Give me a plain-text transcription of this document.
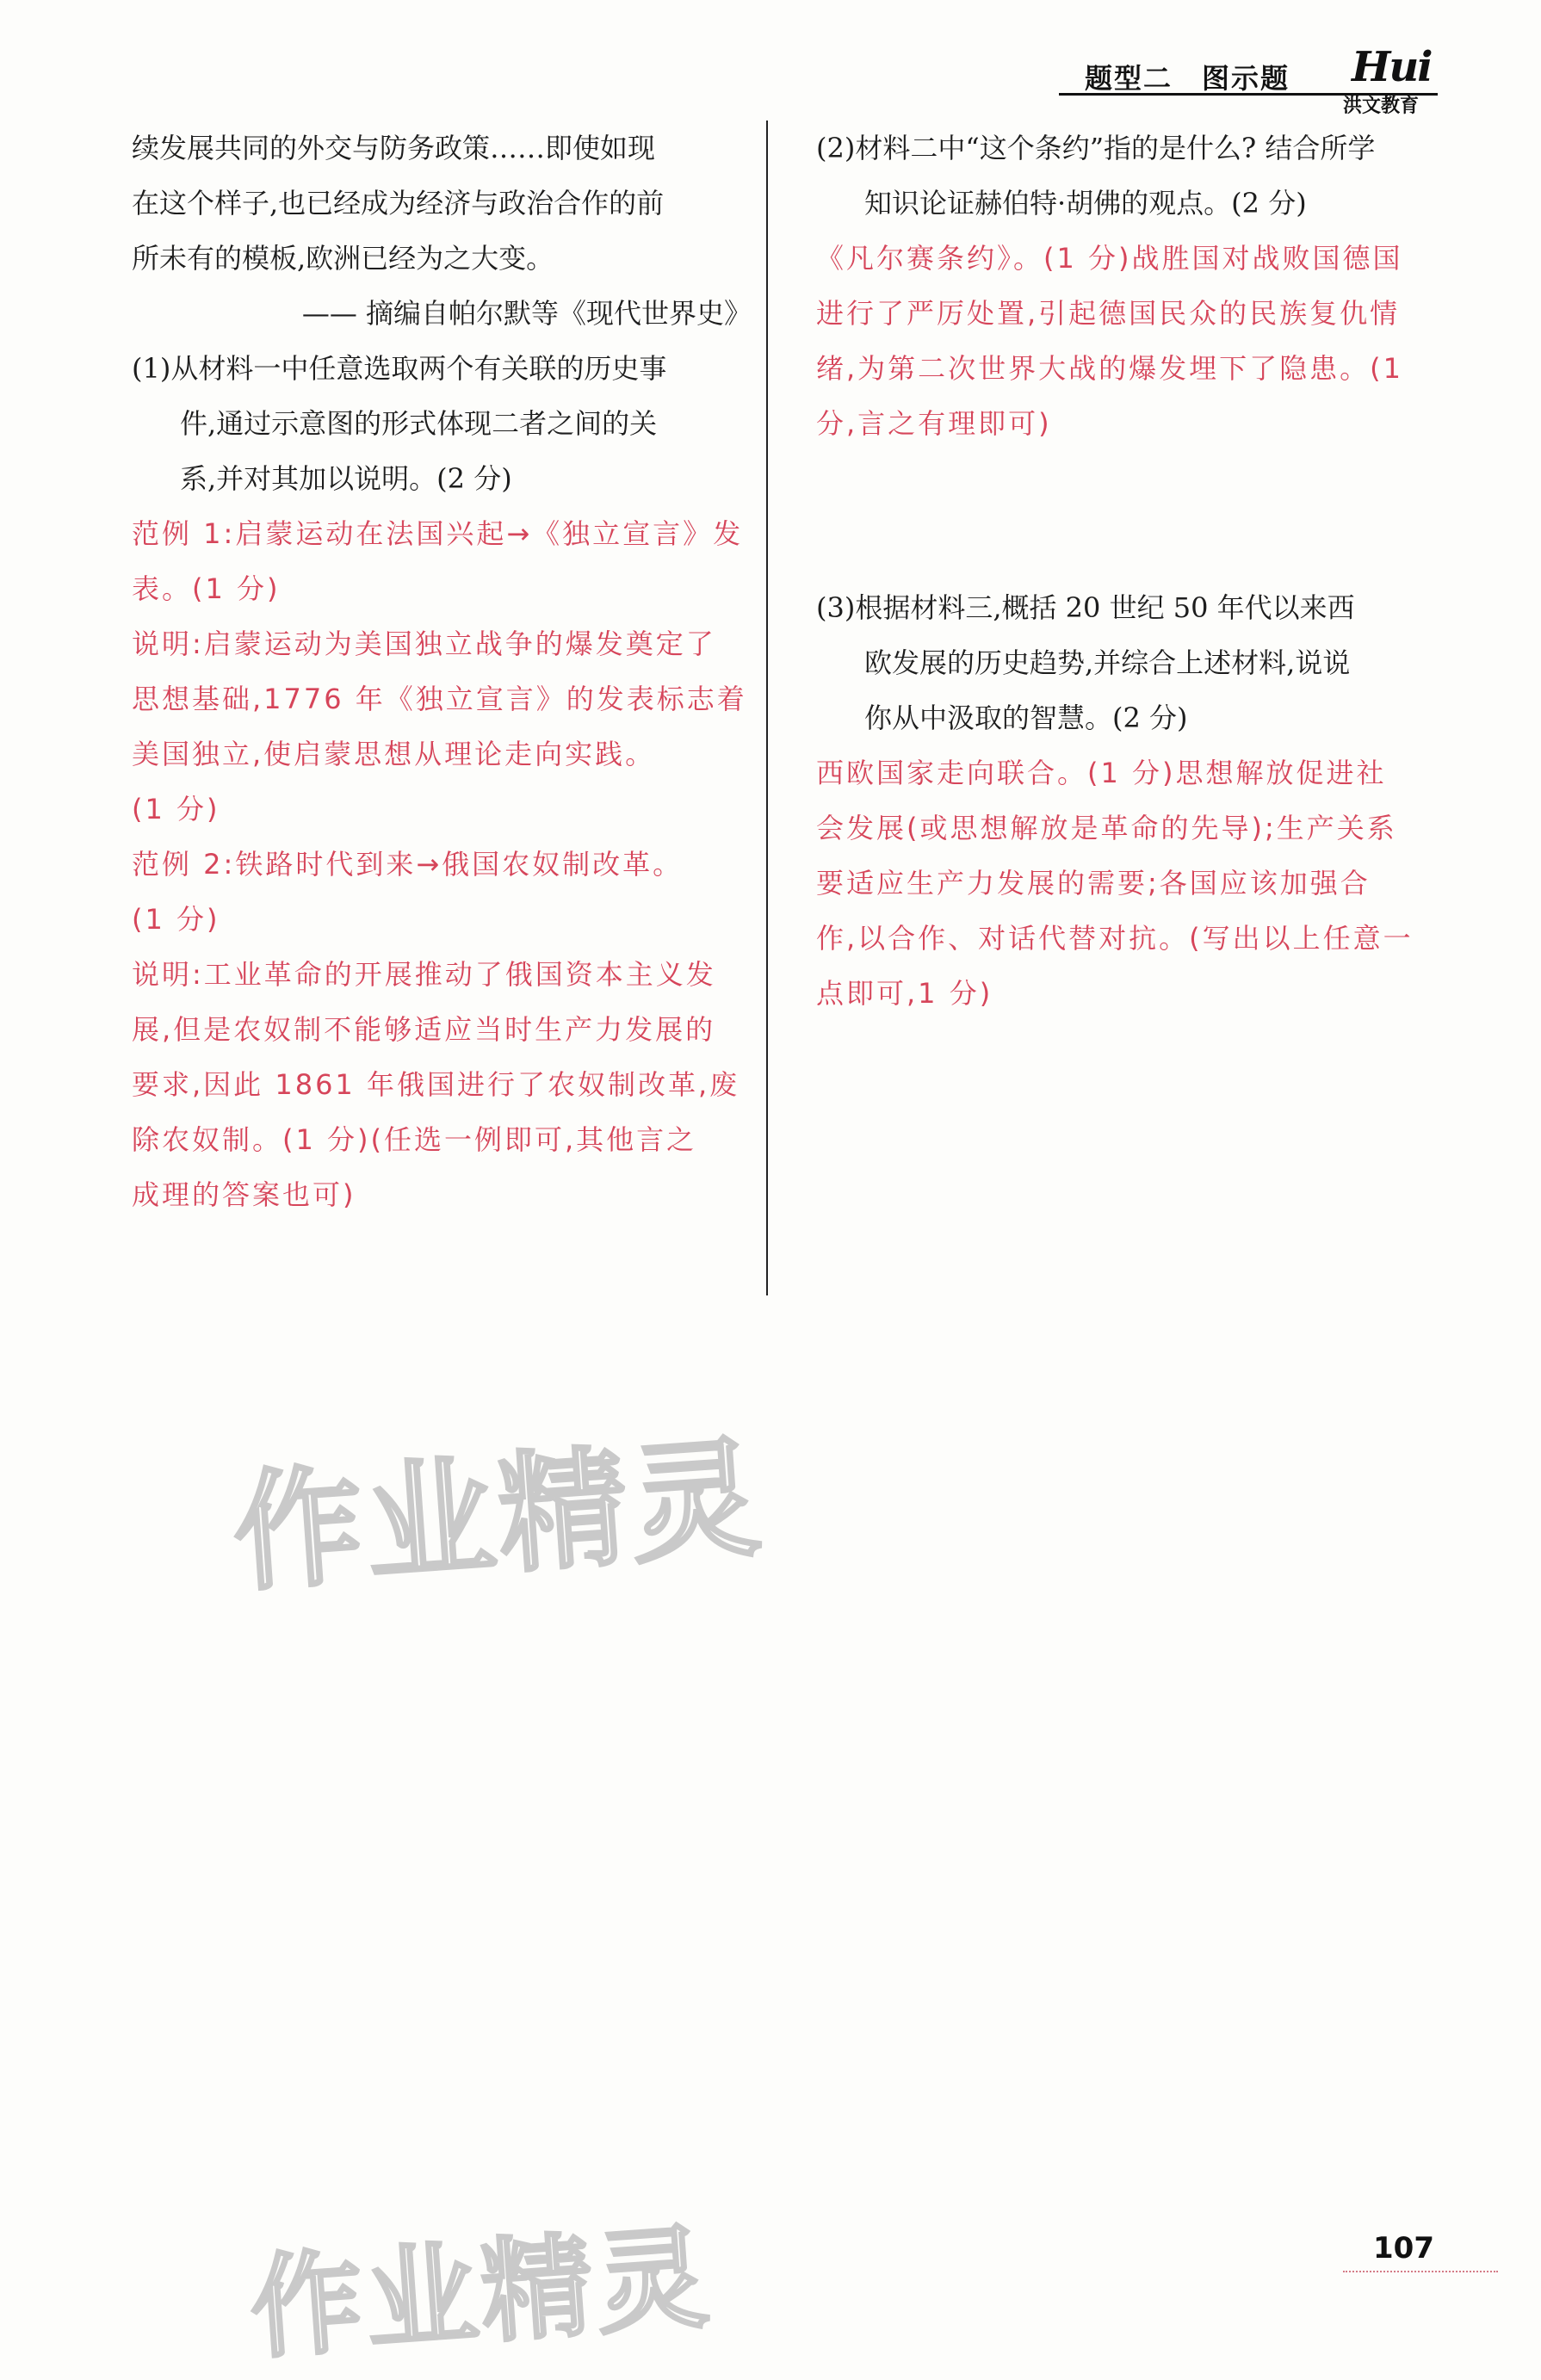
题型二　图示题 Hui
洪文教育
续发展共同的外交与防务政策……即使如现
在这个样子,也已经成为经济与政治合作的前
所未有的模板,欧洲已经为之大变。
—— 摘编自帕尔默等《现代世界史》
(1)从材料一中任意选取两个有关联的历史事
件,通过示意图的形式体现二者之间的关
系,并对其加以说明。(2 分)
范例 1:启蒙运动在法国兴起→《独立宣言》发
表。(1 分)
说明:启蒙运动为美国独立战争的爆发奠定了
思想基础,1776 年《独立宣言》的发表标志着
美国独立,使启蒙思想从理论走向实践。
(1 分)
范例 2:铁路时代到来→俄国农奴制改革。
(1 分)
说明:工业革命的开展推动了俄国资本主义发
展,但是农奴制不能够适应当时生产力发展的
要求,因此 1861 年俄国进行了农奴制改革,废
除农奴制。(1 分)(任选一例即可,其他言之
成理的答案也可)
(2)材料二中“这个条约”指的是什么? 结合所学
知识论证赫伯特·胡佛的观点。(2 分)
《凡尔赛条约》。(1 分)战胜国对战败国德国
进行了严厉处置,引起德国民众的民族复仇情
绪,为第二次世界大战的爆发埋下了隐患。(1
分,言之有理即可)
(3)根据材料三,概括 20 世纪 50 年代以来西
欧发展的历史趋势,并综合上述材料,说说
你从中汲取的智慧。(2 分)
西欧国家走向联合。(1 分)思想解放促进社
会发展(或思想解放是革命的先导);生产关系
要适应生产力发展的需要;各国应该加强合
作,以合作、对话代替对抗。(写出以上任意一
点即可,1 分)
作业精灵
作业精灵	107
